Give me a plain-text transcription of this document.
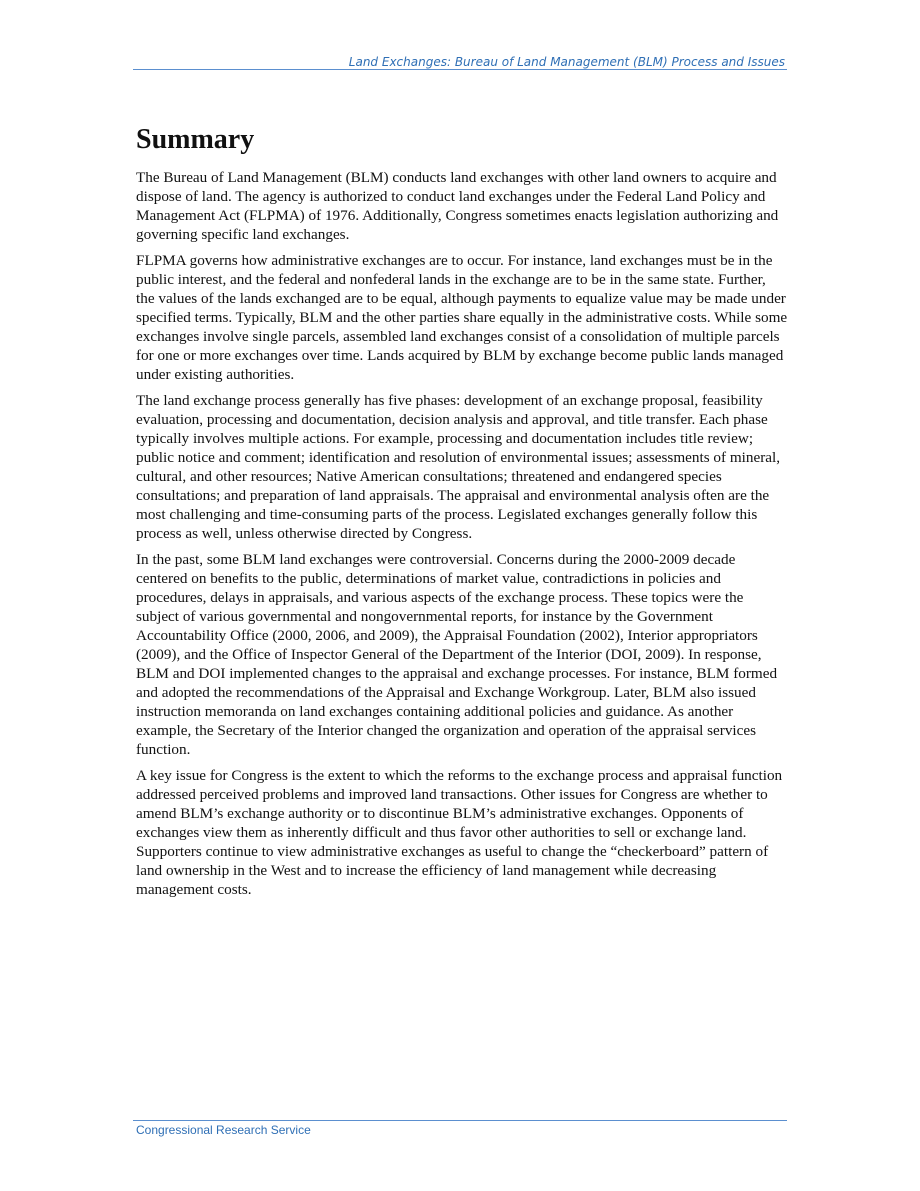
Land Exchanges: Bureau of Land Management (BLM) Process and Issues
Summary

The Bureau of Land Management (BLM) conducts land exchanges with other land owners to acquire and dispose of land. The agency is authorized to conduct land exchanges under the Federal Land Policy and Management Act (FLPMA) of 1976. Additionally, Congress sometimes enacts legislation authorizing and governing specific land exchanges.

FLPMA governs how administrative exchanges are to occur. For instance, land exchanges must be in the public interest, and the federal and nonfederal lands in the exchange are to be in the same state. Further, the values of the lands exchanged are to be equal, although payments to equalize value may be made under specified terms. Typically, BLM and the other parties share equally in the administrative costs. While some exchanges involve single parcels, assembled land exchanges consist of a consolidation of multiple parcels for one or more exchanges over time. Lands acquired by BLM by exchange become public lands managed under existing authorities.

The land exchange process generally has five phases: development of an exchange proposal, feasibility evaluation, processing and documentation, decision analysis and approval, and title transfer. Each phase typically involves multiple actions. For example, processing and documentation includes title review; public notice and comment; identification and resolution of environmental issues; assessments of mineral, cultural, and other resources; Native American consultations; threatened and endangered species consultations; and preparation of land appraisals. The appraisal and environmental analysis often are the most challenging and time-consuming parts of the process. Legislated exchanges generally follow this process as well, unless otherwise directed by Congress.

In the past, some BLM land exchanges were controversial. Concerns during the 2000-2009 decade centered on benefits to the public, determinations of market value, contradictions in policies and procedures, delays in appraisals, and various aspects of the exchange process. These topics were the subject of various governmental and nongovernmental reports, for instance by the Government Accountability Office (2000, 2006, and 2009), the Appraisal Foundation (2002), Interior appropriators (2009), and the Office of Inspector General of the Department of the Interior (DOI, 2009). In response, BLM and DOI implemented changes to the appraisal and exchange processes. For instance, BLM formed and adopted the recommendations of the Appraisal and Exchange Workgroup. Later, BLM also issued instruction memoranda on land exchanges containing additional policies and guidance. As another example, the Secretary of the Interior changed the organization and operation of the appraisal services function.

A key issue for Congress is the extent to which the reforms to the exchange process and appraisal function addressed perceived problems and improved land transactions. Other issues for Congress are whether to amend BLM’s exchange authority or to discontinue BLM’s administrative exchanges. Opponents of exchanges view them as inherently difficult and thus favor other authorities to sell or exchange land. Supporters continue to view administrative exchanges as useful to change the “checkerboard” pattern of land ownership in the West and to increase the efficiency of land management while decreasing management costs.

Congressional Research Service
